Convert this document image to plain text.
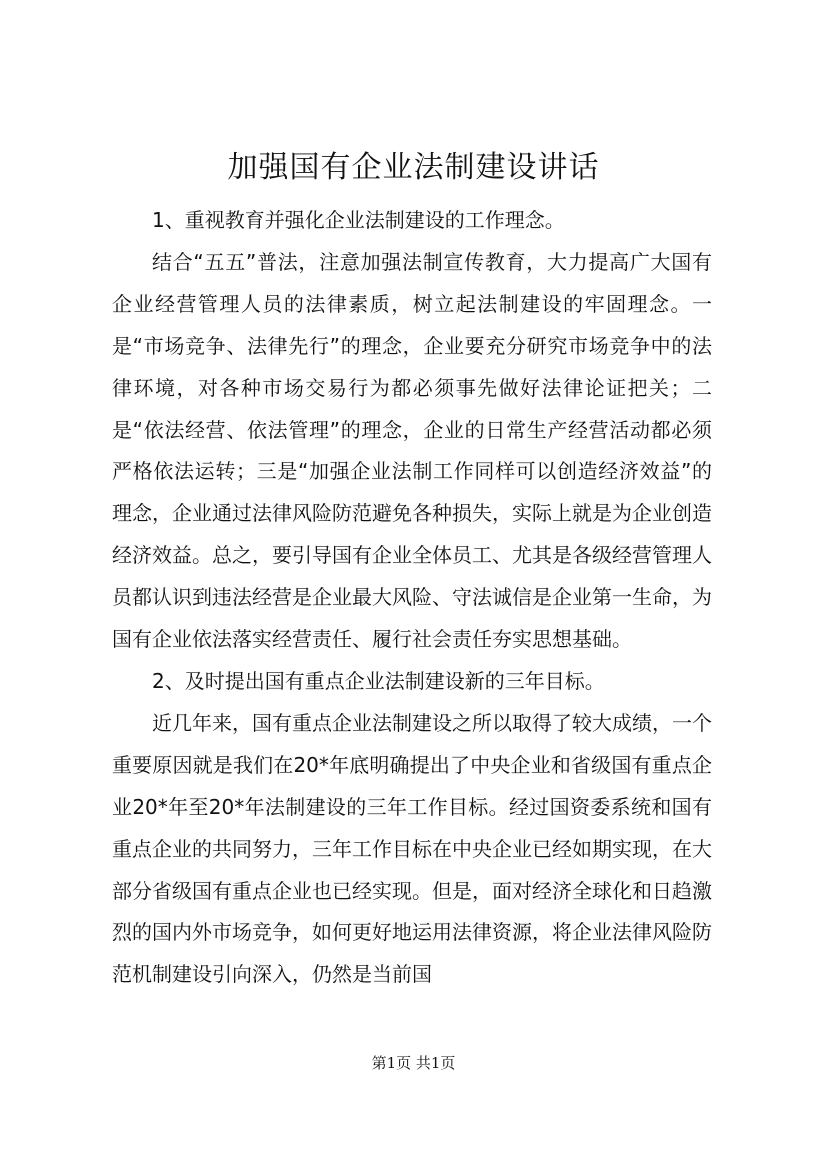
加强国有企业法制建设讲话

1、重视教育并强化企业法制建设的工作理念。

结合“五五”普法，注意加强法制宣传教育，大力提高广大国有企业经营管理人员的法律素质，树立起法制建设的牢固理念。一是“市场竞争、法律先行”的理念，企业要充分研究市场竞争中的法律环境，对各种市场交易行为都必须事先做好法律论证把关；二是“依法经营、依法管理”的理念，企业的日常生产经营活动都必须严格依法运转；三是“加强企业法制工作同样可以创造经济效益”的理念，企业通过法律风险防范避免各种损失，实际上就是为企业创造经济效益。总之，要引导国有企业全体员工、尤其是各级经营管理人员都认识到违法经营是企业最大风险、守法诚信是企业第一生命，为国有企业依法落实经营责任、履行社会责任夯实思想基础。

2、及时提出国有重点企业法制建设新的三年目标。

近几年来，国有重点企业法制建设之所以取得了较大成绩，一个重要原因就是我们在20*年底明确提出了中央企业和省级国有重点企业20*年至20*年法制建设的三年工作目标。经过国资委系统和国有重点企业的共同努力，三年工作目标在中央企业已经如期实现，在大部分省级国有重点企业也已经实现。但是，面对经济全球化和日趋激烈的国内外市场竞争，如何更好地运用法律资源，将企业法律风险防范机制建设引向深入，仍然是当前国

第1页 共1页
